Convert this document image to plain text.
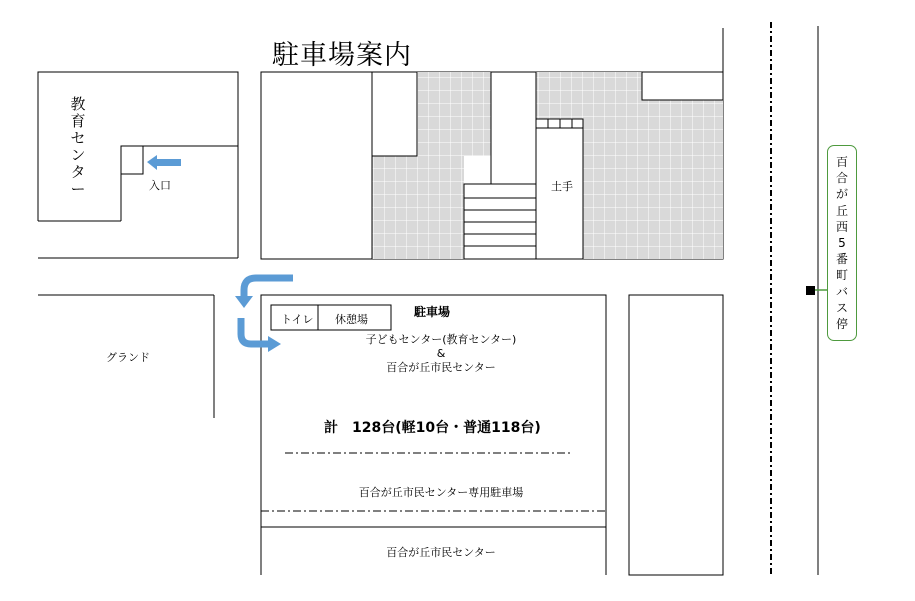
駐車場案内
教育センター	入口
グランド
土手
トイレ 休憩場
駐車場
子どもセンター(教育センター)
&
百合が丘市民センター
計　128台(軽10台・普通118台)
百合が丘市民センター専用駐車場
百合が丘市民センター
百合が丘西5番町バス停
